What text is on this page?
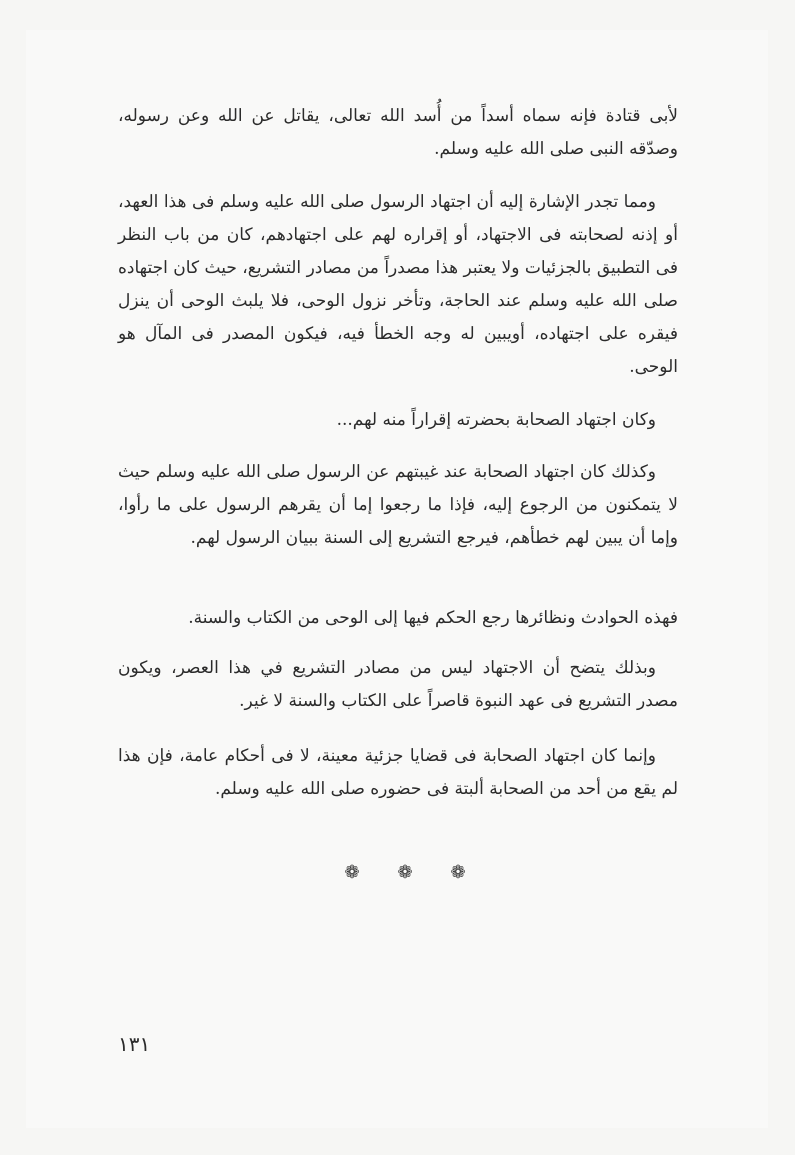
لأبى قتادة فإنه سماه أسداً من أُسد الله تعالى، يقاتل عن الله وعن رسوله، وصدّقه النبى صلى الله عليه وسلم.

ومما تجدر الإشارة إليه أن اجتهاد الرسول صلى الله عليه وسلم فى هذا العهد، أو إذنه لصحابته فى الاجتهاد، أو إقراره لهم على اجتهادهم، كان من باب النظر فى التطبيق بالجزئيات ولا يعتبر هذا مصدراً من مصادر التشريع، حيث كان اجتهاده صلى الله عليه وسلم عند الحاجة، وتأخر نزول الوحى، فلا يلبث الوحى أن ينزل فيقره على اجتهاده، أويبين له وجه الخطأ فيه، فيكون المصدر فى المآل هو الوحى.

وكان اجتهاد الصحابة بحضرته إقراراً منه لهم...

وكذلك كان اجتهاد الصحابة عند غيبتهم عن الرسول صلى الله عليه وسلم حيث لا يتمكنون من الرجوع إليه، فإذا ما رجعوا إما أن يقرهم الرسول على ما رأوا، وإما أن يبين لهم خطأهم، فيرجع التشريع إلى السنة ببيان الرسول لهم.

فهذه الحوادث ونظائرها رجع الحكم فيها إلى الوحى من الكتاب والسنة.

وبذلك يتضح أن الاجتهاد ليس من مصادر التشريع في هذا العصر، ويكون مصدر التشريع فى عهد النبوة قاصراً على الكتاب والسنة لا غير.

وإنما كان اجتهاد الصحابة فى قضايا جزئية معينة، لا فى أحكام عامة، فإن هذا لم يقع من أحد من الصحابة ألبتة فى حضوره صلى الله عليه وسلم.

❁ ❁ ❁
١٣١
